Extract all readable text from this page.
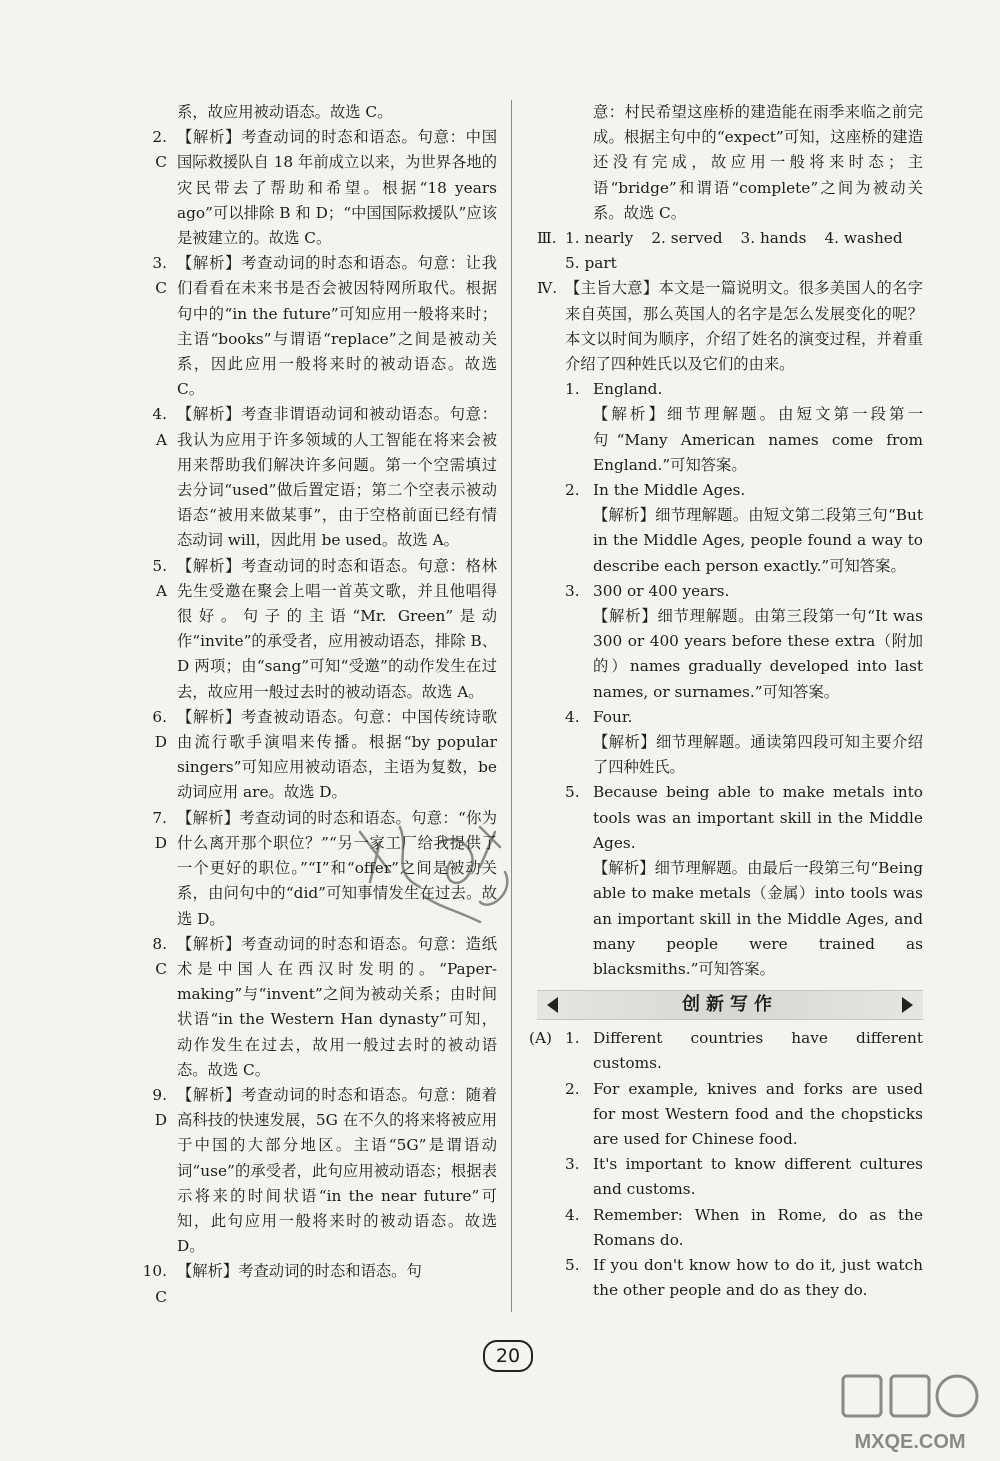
系，故应用被动语态。故选 C。
2. C
【解析】考查动词的时态和语态。句意：中国国际救援队自 18 年前成立以来，为世界各地的灾民带去了帮助和希望。根据“18 years ago”可以排除 B 和 D；“中国国际救援队”应该是被建立的。故选 C。
3. C
【解析】考查动词的时态和语态。句意：让我们看看在未来书是否会被因特网所取代。根据句中的“in the future”可知应用一般将来时；主语“books”与谓语“replace”之间是被动关系，因此应用一般将来时的被动语态。故选 C。
4. A
【解析】考查非谓语动词和被动语态。句意：我认为应用于许多领域的人工智能在将来会被用来帮助我们解决许多问题。第一个空需填过去分词“used”做后置定语；第二个空表示被动语态“被用来做某事”，由于空格前面已经有情态动词 will，因此用 be used。故选 A。
5. A
【解析】考查动词的时态和语态。句意：格林先生受邀在聚会上唱一首英文歌，并且他唱得很好。句子的主语“Mr. Green”是动作“invite”的承受者，应用被动语态，排除 B、D 两项；由“sang”可知“受邀”的动作发生在过去，故应用一般过去时的被动语态。故选 A。
6. D
【解析】考查被动语态。句意：中国传统诗歌由流行歌手演唱来传播。根据“by popular singers”可知应用被动语态，主语为复数，be 动词应用 are。故选 D。
7. D
【解析】考查动词的时态和语态。句意：“你为什么离开那个职位？”“另一家工厂给我提供了一个更好的职位。”“I”和“offer”之间是被动关系，由问句中的“did”可知事情发生在过去。故选 D。
8. C
【解析】考查动词的时态和语态。句意：造纸术是中国人在西汉时发明的。“Paper-making”与“invent”之间为被动关系；由时间状语“in the Western Han dynasty”可知，动作发生在过去，故用一般过去时的被动语态。故选 C。
9. D
【解析】考查动词的时态和语态。句意：随着高科技的快速发展，5G 在不久的将来将被应用于中国的大部分地区。主语“5G”是谓语动词“use”的承受者，此句应用被动语态；根据表示将来的时间状语“in the near future”可知，此句应用一般将来时的被动语态。故选 D。
10. C
【解析】考查动词的时态和语态。句
意：村民希望这座桥的建造能在雨季来临之前完成。根据主句中的“expect”可知，这座桥的建造还没有完成，故应用一般将来时态；主语“bridge”和谓语“complete”之间为被动关系。故选 C。
Ⅲ. 1. nearly 2. served 3. hands 4. washed
5. part
Ⅳ. 【主旨大意】本文是一篇说明文。很多美国人的名字来自英国，那么英国人的名字是怎么发展变化的呢？本文以时间为顺序，介绍了姓名的演变过程，并着重介绍了四种姓氏以及它们的由来。
1. England.
【解析】细节理解题。由短文第一段第一句“Many American names come from England.”可知答案。
2. In the Middle Ages.
【解析】细节理解题。由短文第二段第三句“But in the Middle Ages, people found a way to describe each person exactly.”可知答案。
3. 300 or 400 years.
【解析】细节理解题。由第三段第一句“It was 300 or 400 years before these extra（附加的）names gradually developed into last names, or surnames.”可知答案。
4. Four.
【解析】细节理解题。通读第四段可知主要介绍了四种姓氏。
5. Because being able to make metals into tools was an important skill in the Middle Ages.
【解析】细节理解题。由最后一段第三句“Being able to make metals（金属）into tools was an important skill in the Middle Ages, and many people were trained as blacksmiths.”可知答案。
创新写作
(A) 1. Different countries have different customs.
2. For example, knives and forks are used for most Western food and the chopsticks are used for Chinese food.
3. It's important to know different cultures and customs.
4. Remember: When in Rome, do as the Romans do.
5. If you don't know how to do it, just watch the other people and do as they do.
20
MXQE.COM
